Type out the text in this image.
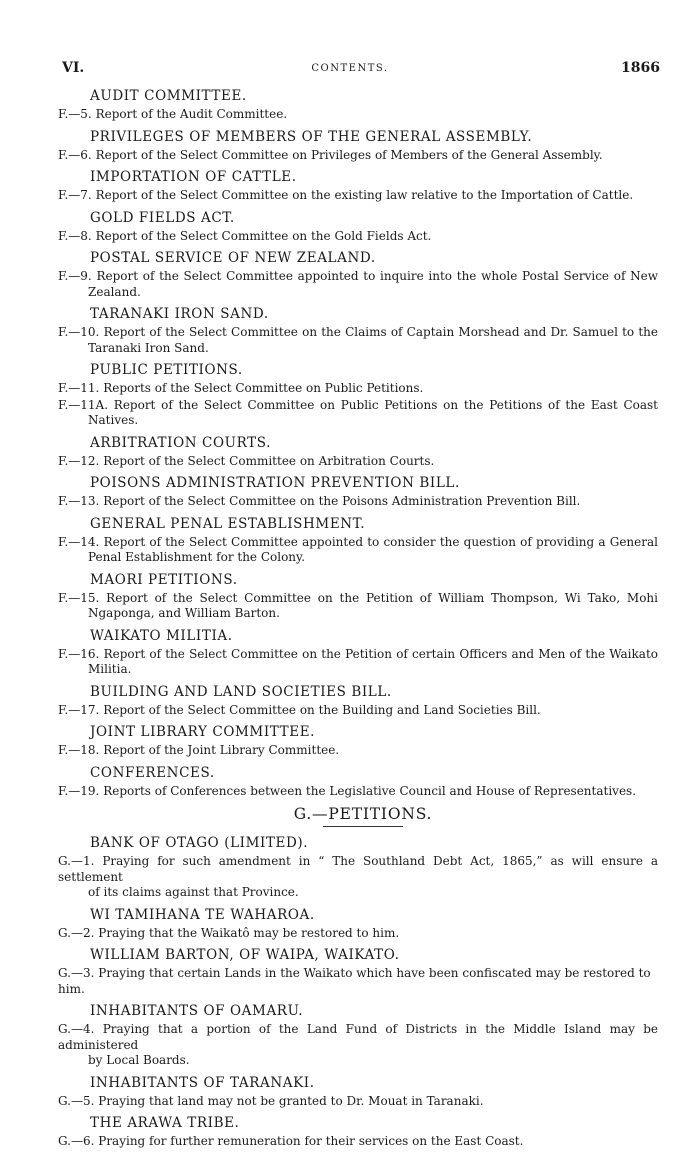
VI.	CONTENTS.	1866
AUDIT COMMITTEE.
F.—5. Report of the Audit Committee.
PRIVILEGES OF MEMBERS OF THE GENERAL ASSEMBLY.
F.—6. Report of the Select Committee on Privileges of Members of the General Assembly.
IMPORTATION OF CATTLE.
F.—7. Report of the Select Committee on the existing law relative to the Importation of Cattle.
GOLD FIELDS ACT.
F.—8. Report of the Select Committee on the Gold Fields Act.
POSTAL SERVICE OF NEW ZEALAND.
F.—9. Report of the Select Committee appointed to inquire into the whole Postal Service of New
Zealand.
TARANAKI IRON SAND.
F.—10. Report of the Select Committee on the Claims of Captain Morshead and Dr. Samuel to the
Taranaki Iron Sand.
PUBLIC PETITIONS.
F.—11. Reports of the Select Committee on Public Petitions.
F.—11A. Report of the Select Committee on Public Petitions on the Petitions of the East Coast
Natives.
ARBITRATION COURTS.
F.—12. Report of the Select Committee on Arbitration Courts.
POISONS ADMINISTRATION PREVENTION BILL.
F.—13. Report of the Select Committee on the Poisons Administration Prevention Bill.
GENERAL PENAL ESTABLISHMENT.
F.—14. Report of the Select Committee appointed to consider the question of providing a General
Penal Establishment for the Colony.
MAORI PETITIONS.
F.—15. Report of the Select Committee on the Petition of William Thompson, Wi Tako, Mohi
Ngaponga, and William Barton.
WAIKATO MILITIA.
F.—16. Report of the Select Committee on the Petition of certain Officers and Men of the Waikato
Militia.
BUILDING AND LAND SOCIETIES BILL.
F.—17. Report of the Select Committee on the Building and Land Societies Bill.
JOINT LIBRARY COMMITTEE.
F.—18. Report of the Joint Library Committee.
CONFERENCES.
F.—19. Reports of Conferences between the Legislative Council and House of Representatives.
G.—PETITIONS.
BANK OF OTAGO (LIMITED).
G.—1. Praying for such amendment in “ The Southland Debt Act, 1865,” as will ensure a settlement
of its claims against that Province.
WI TAMIHANA TE WAHAROA.
G.—2. Praying that the Waikatô may be restored to him.
WILLIAM BARTON, OF WAIPA, WAIKATO.
G.—3. Praying that certain Lands in the Waikato which have been confiscated may be restored to him.
INHABITANTS OF OAMARU.
G.—4. Praying that a portion of the Land Fund of Districts in the Middle Island may be administered
by Local Boards.
INHABITANTS OF TARANAKI.
G.—5. Praying that land may not be granted to Dr. Mouat in Taranaki.
THE ARAWA TRIBE.
G.—6. Praying for further remuneration for their services on the East Coast.
